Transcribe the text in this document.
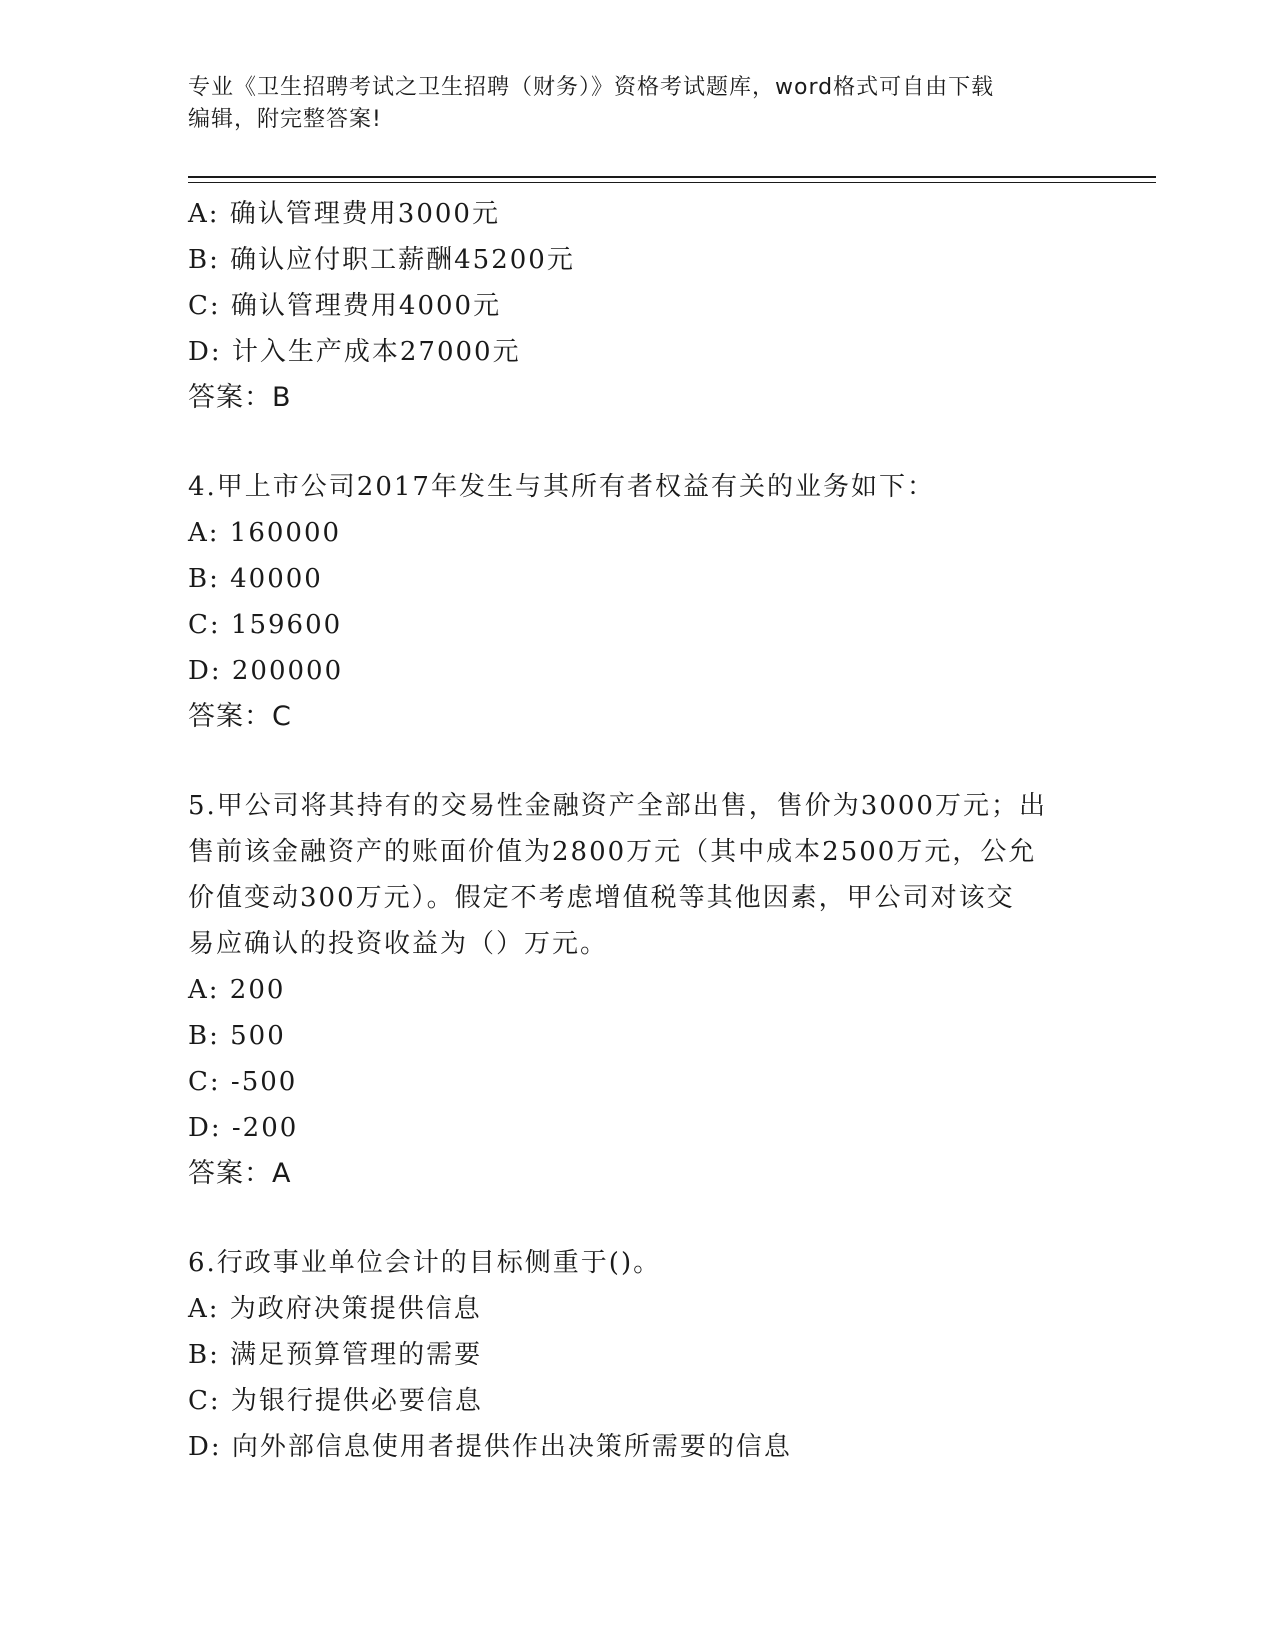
专业《卫生招聘考试之卫生招聘（财务）》资格考试题库，word格式可自由下载
编辑，附完整答案!
A: 确认管理费用3000元
B: 确认应付职工薪酬45200元
C: 确认管理费用4000元
D: 计入生产成本27000元
答案：B
4.甲上市公司2017年发生与其所有者权益有关的业务如下：
A: 160000
B: 40000
C: 159600
D: 200000
答案：C
5.甲公司将其持有的交易性金融资产全部出售，售价为3000万元；出
售前该金融资产的账面价值为2800万元（其中成本2500万元，公允
价值变动300万元）。假定不考虑增值税等其他因素，甲公司对该交
易应确认的投资收益为（）万元。
A: 200
B: 500
C: -500
D: -200
答案：A
6.行政事业单位会计的目标侧重于()。
A: 为政府决策提供信息
B: 满足预算管理的需要
C: 为银行提供必要信息
D: 向外部信息使用者提供作出决策所需要的信息
